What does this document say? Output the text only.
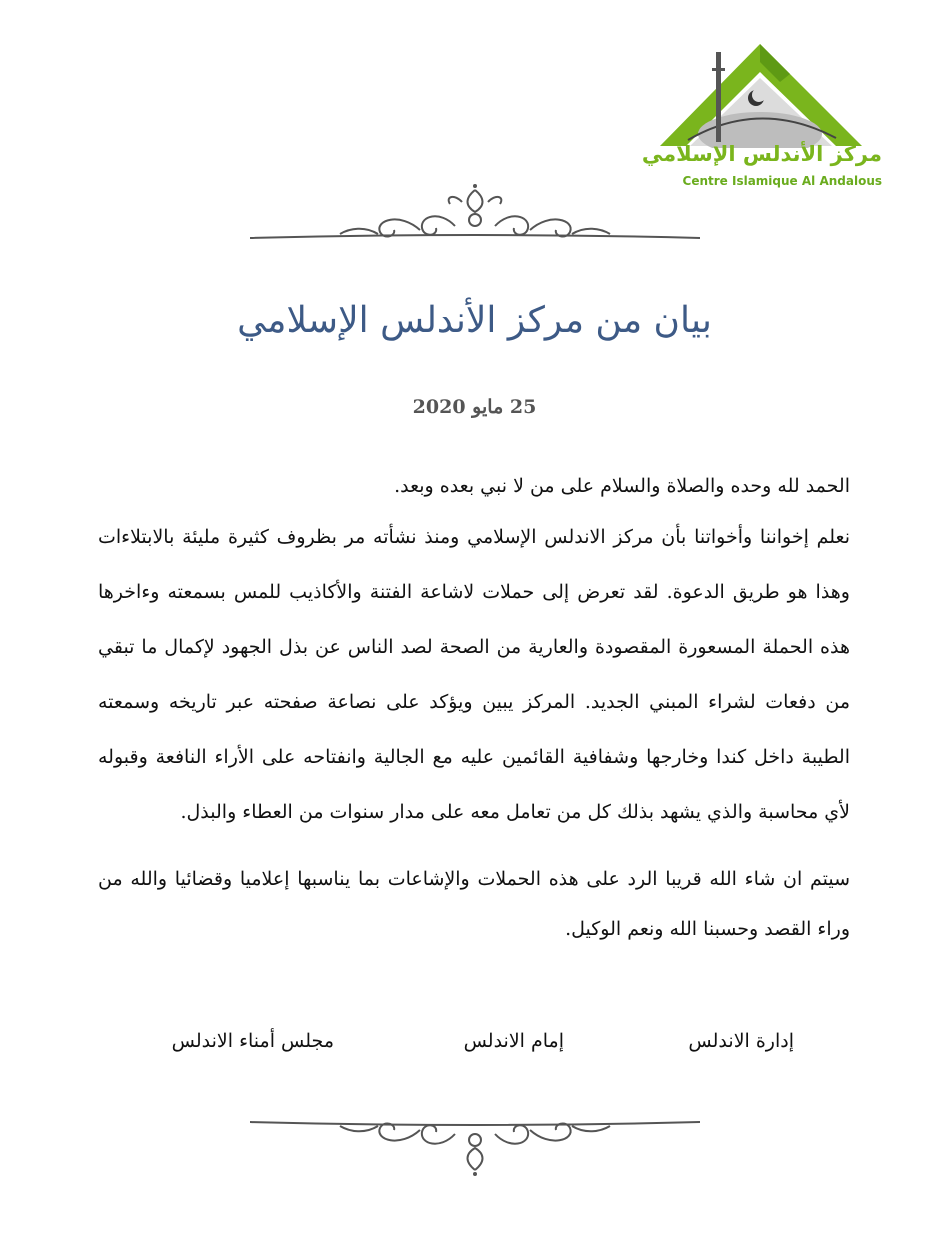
مركز الأندلس الإسلامي
Centre Islamique Al Andalous
بيان من مركز الأندلس الإسلامي
25 مايو 2020

الحمد لله وحده والصلاة والسلام على من لا نبي بعده وبعد.

نعلم إخواننا وأخواتنا بأن مركز الاندلس الإسلامي ومنذ نشأته مر بظروف كثيرة مليئة بالابتلاءات وهذا هو طريق الدعوة. لقد تعرض إلى حملات لاشاعة الفتنة والأكاذيب للمس بسمعته وءاخرها هذه الحملة المسعورة المقصودة والعارية من الصحة لصد الناس عن بذل الجهود لإكمال ما تبقي من دفعات لشراء المبني الجديد. المركز يبين ويؤكد على نصاعة صفحته عبر تاريخه وسمعته الطيبة داخل كندا وخارجها وشفافية القائمين عليه مع الجالية وانفتاحه على الأراء النافعة وقبوله لأي محاسبة والذي يشهد بذلك كل من تعامل معه على مدار سنوات من العطاء والبذل.

سيتم ان شاء الله قريبا الرد على هذه الحملات والإشاعات بما يناسبها إعلاميا وقضائيا والله من وراء القصد وحسبنا الله ونعم الوكيل.

إدارة الاندلس
إمام الاندلس
مجلس أمناء الاندلس
